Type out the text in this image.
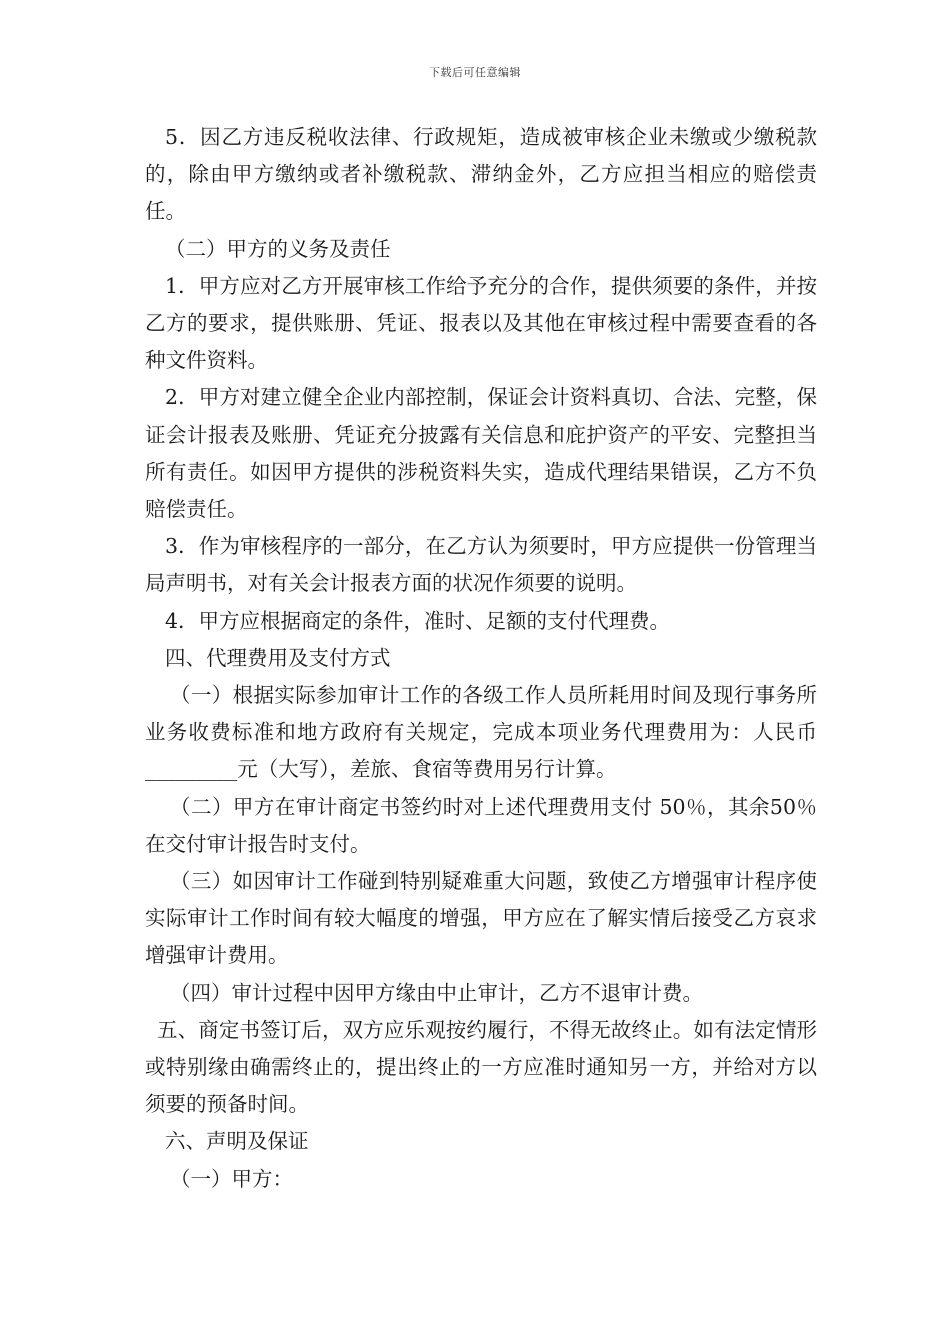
下载后可任意编辑

5．因乙方违反税收法律、行政规矩，造成被审核企业未缴或少缴税款的，除由甲方缴纳或者补缴税款、滞纳金外，乙方应担当相应的赔偿责任。

（二）甲方的义务及责任

1．甲方应对乙方开展审核工作给予充分的合作，提供须要的条件，并按乙方的要求，提供账册、凭证、报表以及其他在审核过程中需要查看的各种文件资料。

2．甲方对建立健全企业内部控制，保证会计资料真切、合法、完整，保证会计报表及账册、凭证充分披露有关信息和庇护资产的平安、完整担当所有责任。如因甲方提供的涉税资料失实，造成代理结果错误，乙方不负赔偿责任。

3．作为审核程序的一部分，在乙方认为须要时，甲方应提供一份管理当局声明书，对有关会计报表方面的状况作须要的说明。

4．甲方应根据商定的条件，准时、足额的支付代理费。

四、代理费用及支付方式

（一）根据实际参加审计工作的各级工作人员所耗用时间及现行事务所业务收费标准和地方政府有关规定，完成本项业务代理费用为：人民币_________元（大写），差旅、食宿等费用另行计算。

（二）甲方在审计商定书签约时对上述代理费用支付 50％，其余50％在交付审计报告时支付。

（三）如因审计工作碰到特别疑难重大问题，致使乙方增强审计程序使实际审计工作时间有较大幅度的增强，甲方应在了解实情后接受乙方哀求增强审计费用。

（四）审计过程中因甲方缘由中止审计，乙方不退审计费。

五、商定书签订后，双方应乐观按约履行，不得无故终止。如有法定情形或特别缘由确需终止的，提出终止的一方应准时通知另一方，并给对方以须要的预备时间。

六、声明及保证

（一）甲方：
